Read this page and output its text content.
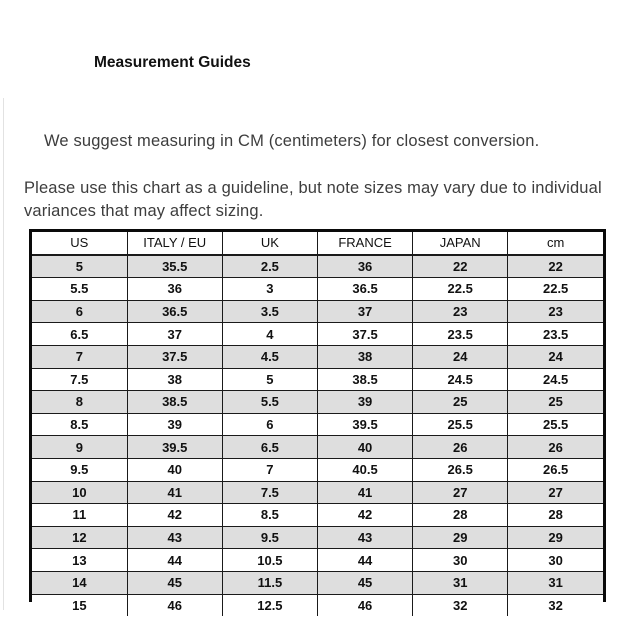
Measurement Guides

We suggest measuring in CM (centimeters) for closest conversion.

Please use this chart as a guideline, but note sizes may vary due to individual variances that may affect sizing.

US	ITALY / EU	UK	FRANCE	JAPAN	cm
5	35.5	2.5	36	22	22
5.5	36	3	36.5	22.5	22.5
6	36.5	3.5	37	23	23
6.5	37	4	37.5	23.5	23.5
7	37.5	4.5	38	24	24
7.5	38	5	38.5	24.5	24.5
8	38.5	5.5	39	25	25
8.5	39	6	39.5	25.5	25.5
9	39.5	6.5	40	26	26
9.5	40	7	40.5	26.5	26.5
10	41	7.5	41	27	27
11	42	8.5	42	28	28
12	43	9.5	43	29	29
13	44	10.5	44	30	30
14	45	11.5	45	31	31
15	46	12.5	46	32	32
